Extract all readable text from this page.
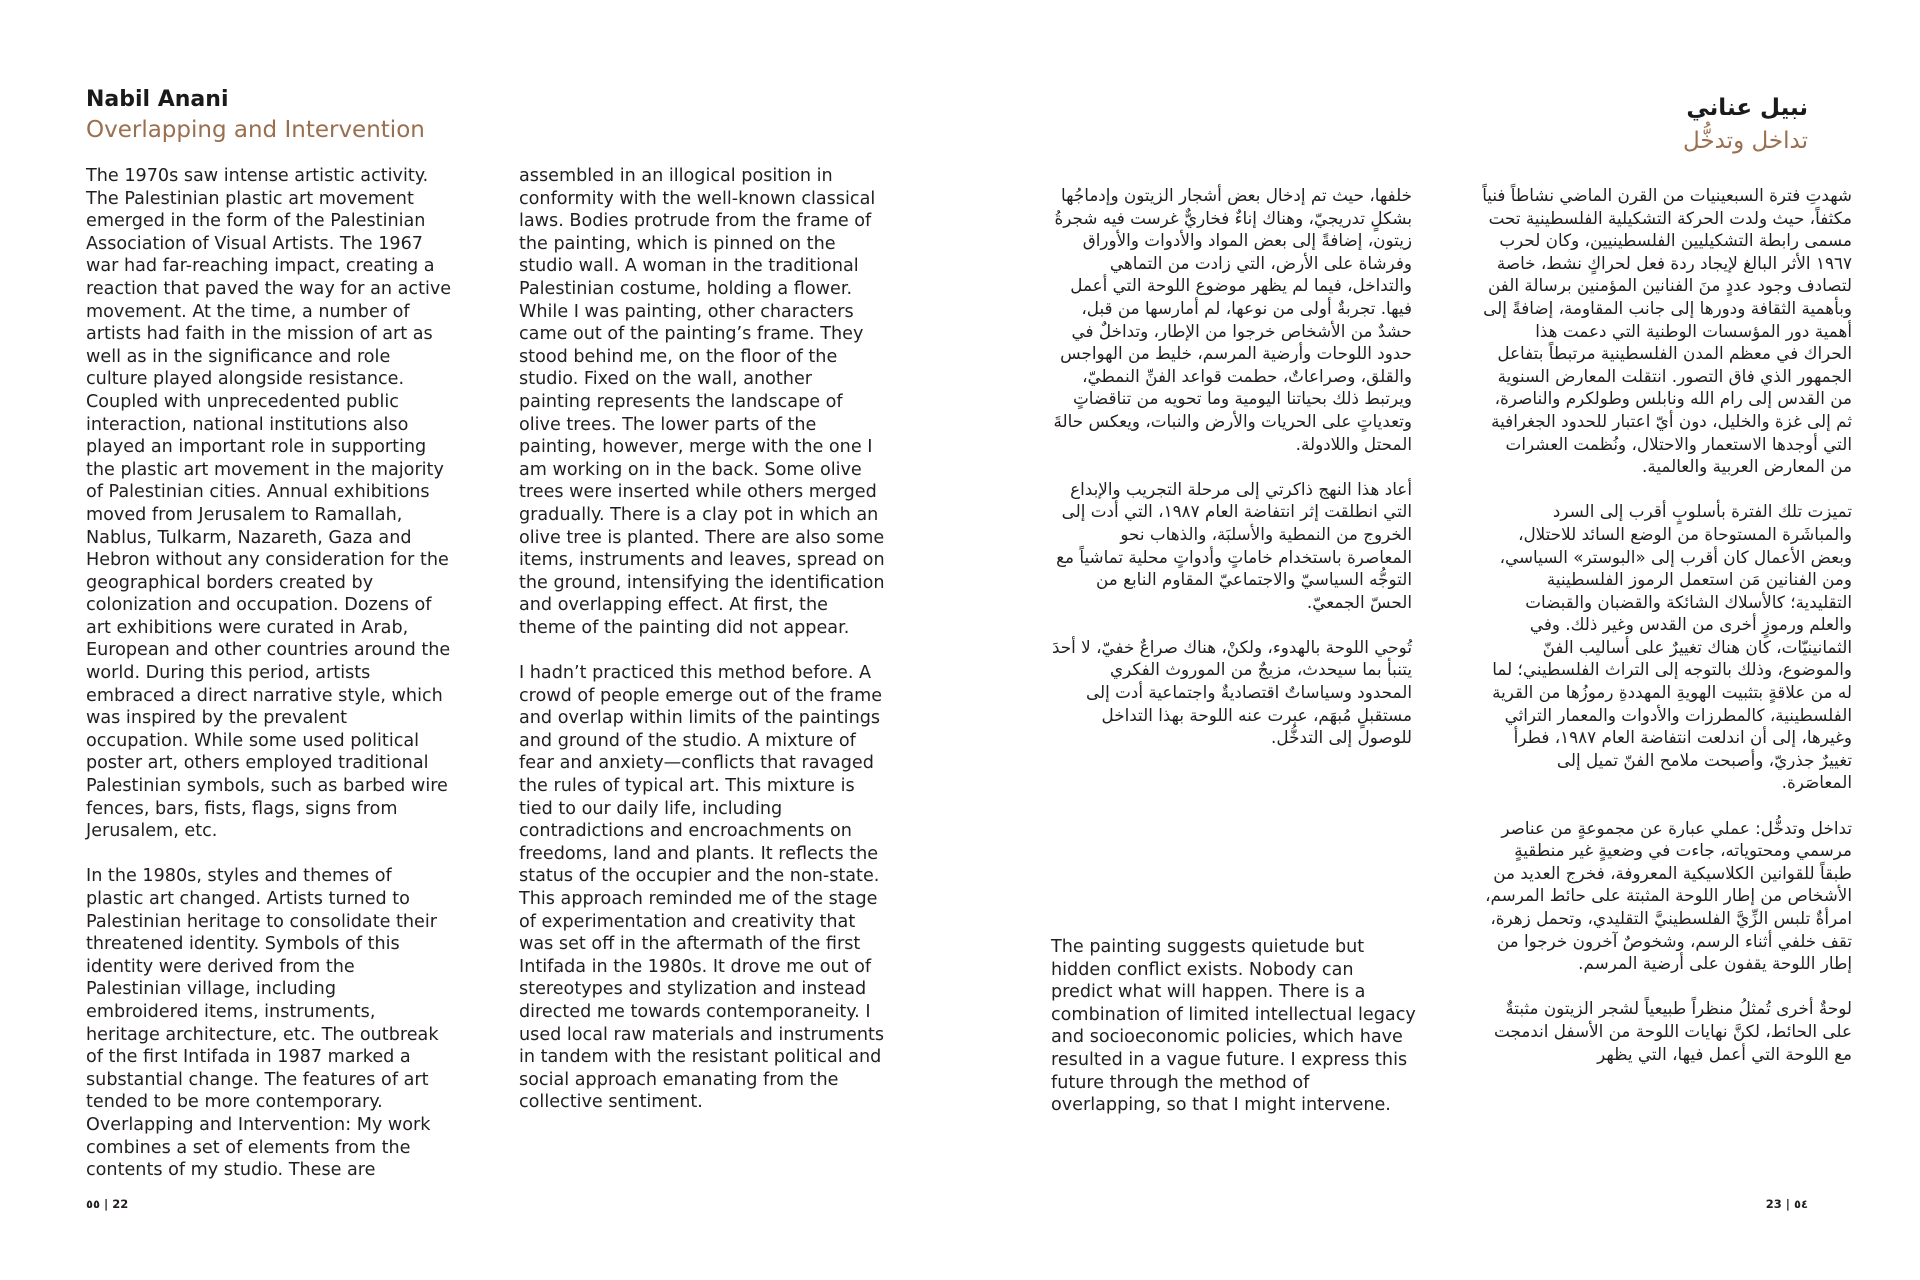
Nabil Anani
Overlapping and Intervention
نبيل عناني
تداخل وتدخُّل

The 1970s saw intense artistic activity. The Palestinian plastic art movement emerged in the form of the Palestinian Association of Visual Artists. The 1967 war had far-reaching impact, creating a reaction that paved the way for an active movement. At the time, a number of artists had faith in the mission of art as well as in the significance and role culture played alongside resistance. Coupled with unprecedented public interaction, national institutions also played an important role in supporting the plastic art movement in the majority of Palestinian cities. Annual exhibitions moved from Jerusalem to Ramallah, Nablus, Tulkarm, Nazareth, Gaza and Hebron without any consideration for the geographical borders created by colonization and occupation. Dozens of art exhibitions were curated in Arab, European and other countries around the world. During this period, artists embraced a direct narrative style, which was inspired by the prevalent occupation. While some used political poster art, others employed traditional Palestinian symbols, such as barbed wire fences, bars, fists, flags, signs from Jerusalem, etc.

In the 1980s, styles and themes of plastic art changed. Artists turned to Palestinian heritage to consolidate their threatened identity. Symbols of this identity were derived from the Palestinian village, including embroidered items, instruments, heritage architecture, etc. The outbreak of the first Intifada in 1987 marked a substantial change. The features of art tended to be more contemporary. Overlapping and Intervention: My work combines a set of elements from the contents of my studio. These are

assembled in an illogical position in conformity with the well-known classical laws. Bodies protrude from the frame of the painting, which is pinned on the studio wall. A woman in the traditional Palestinian costume, holding a flower. While I was painting, other characters came out of the painting’s frame. They stood behind me, on the floor of the studio. Fixed on the wall, another painting represents the landscape of olive trees. The lower parts of the painting, however, merge with the one I am working on in the back. Some olive trees were inserted while others merged gradually. There is a clay pot in which an olive tree is planted. There are also some items, instruments and leaves, spread on the ground, intensifying the identification and overlapping effect. At first, the theme of the painting did not appear.

I hadn’t practiced this method before. A crowd of people emerge out of the frame and overlap within limits of the paintings and ground of the studio. A mixture of fear and anxiety—conflicts that ravaged the rules of typical art. This mixture is tied to our daily life, including contradictions and encroachments on freedoms, land and plants. It reflects the status of the occupier and the non-state. This approach reminded me of the stage of experimentation and creativity that was set off in the aftermath of the first Intifada in the 1980s. It drove me out of stereotypes and stylization and instead directed me towards contemporaneity. I used local raw materials and instruments in tandem with the resistant political and social approach emanating from the collective sentiment.

The painting suggests quietude but hidden conflict exists. Nobody can predict what will happen. There is a combination of limited intellectual legacy and socioeconomic policies, which have resulted in a vague future. I express this future through the method of overlapping, so that I might intervene.

خلفها، حيث تم إدخال بعض أشجار الزيتون وإدماجُها بشكلٍ تدريجيّ، وهناك إناءٌ فخاريٌّ غرست فيه شجرةُ زيتون، إضافةً إلى بعض المواد والأدوات والأوراق وفرشاة على الأرض، التي زادت من التماهي والتداخل، فيما لم يظهر موضوع اللوحة التي أعمل فيها. تجربةٌ أولى من نوعها، لم أمارسها من قبل، حشدٌ من الأشخاص خرجوا من الإطار، وتداخلٌ في حدود اللوحات وأرضية المرسم، خليط من الهواجس والقلق، وصراعاتٌ، حطمت قواعد الفنِّ النمطيّ، ويرتبط ذلك بحياتنا اليومية وما تحويه من تناقضاتٍ وتعدياتٍ على الحريات والأرض والنبات، ويعكس حالةَ المحتل واللادولة.

أعاد هذا النهج ذاكرتي إلى مرحلة التجريب والإبداع التي انطلقت إثر انتفاضة العام ١٩٨٧، التي أدت إلى الخروج من النمطية والأسلبَة، والذهاب نحو المعاصرة باستخدام خاماتٍ وأدواتٍ محلية تماشياً مع التوجُّه السياسيّ والاجتماعيّ المقاوم النابع من الحسّ الجمعيّ.

تُوحي اللوحة بالهدوء، ولكنْ، هناك صراعٌ خفيّ، لا أحدَ يتنبأ بما سيحدث، مزيجٌ من الموروث الفكري المحدود وسياساتٌ اقتصاديةٌ واجتماعية أدت إلى مستقبلٍ مُبهَم، عبرت عنه اللوحة بهذا التداخل للوصول إلى التدخُّل.

شهدتِ فترة السبعينيات من القرن الماضي نشاطاً فنياً مكثفاً، حيث ولدت الحركة التشكيلية الفلسطينية تحت مسمى رابطة التشكيليين الفلسطينيين، وكان لحرب ١٩٦٧ الأثر البالغ لإيجاد ردة فعل لحراكٍ نشط، خاصة لتصادف وجود عددٍ منَ الفنانين المؤمنين برسالة الفن وبأهمية الثقافة ودورها إلى جانب المقاومة، إضافةً إلى أهمية دور المؤسسات الوطنية التي دعمت هذا الحراك في معظم المدن الفلسطينية مرتبطاً بتفاعل الجمهور الذي فاق التصور. انتقلت المعارض السنوية من القدس إلى رام الله ونابلس وطولكرم والناصرة، ثم إلى غزة والخليل، دون أيّ اعتبار للحدود الجغرافية التي أوجدها الاستعمار والاحتلال، ونُظمت العشرات من المعارض العربية والعالمية.

تميزت تلك الفترة بأسلوبٍ أقرب إلى السرد والمباشَرة المستوحاة من الوضع السائد للاحتلال، وبعض الأعمال كان أقرب إلى «البوستر» السياسي، ومن الفنانين مَن استعمل الرموز الفلسطينية التقليدية؛ كالأسلاك الشائكة والقضبان والقبضات والعلم ورموزٍ أخرى من القدس وغير ذلك. وفي الثمانينيّات، كان هناك تغييرٌ على أساليب الفنّ والموضوع، وذلك بالتوجه إلى التراث الفلسطيني؛ لما له من علاقةٍ بتثبيت الهويةِ المهددةِ رموزُها من القرية الفلسطينية، كالمطرزات والأدوات والمعمار التراثي وغيرها، إلى أن اندلعت انتفاضة العام ١٩٨٧، فطرأ تغييرٌ جذريّ، وأصبحت ملامح الفنّ تميل إلى المعاصَرة.

تداخل وتدخُّل: عملي عبارة عن مجموعةٍ من عناصر مرسمي ومحتوياته، جاءت في وضعيةٍ غير منطقيةٍ طبقاً للقوانين الكلاسيكية المعروفة، فخرج العديد من الأشخاص من إطار اللوحة المثبتة على حائط المرسم، امرأةٌ تلبس الزِّيَّ الفلسطينيَّ التقليدي، وتحمل زهرة، تقف خلفي أثناء الرسم، وشخوصٌ آخرون خرجوا من إطار اللوحة يقفون على أرضية المرسم.

لوحةٌ أخرى تُمثلُ منظراً طبيعياً لشجر الزيتون مثبتةٌ على الحائط، لكنَّ نهايات اللوحة من الأسفل اندمجت مع اللوحة التي أعمل فيها، التي يظهر

٥٥ | 22	23 | ٥٤
